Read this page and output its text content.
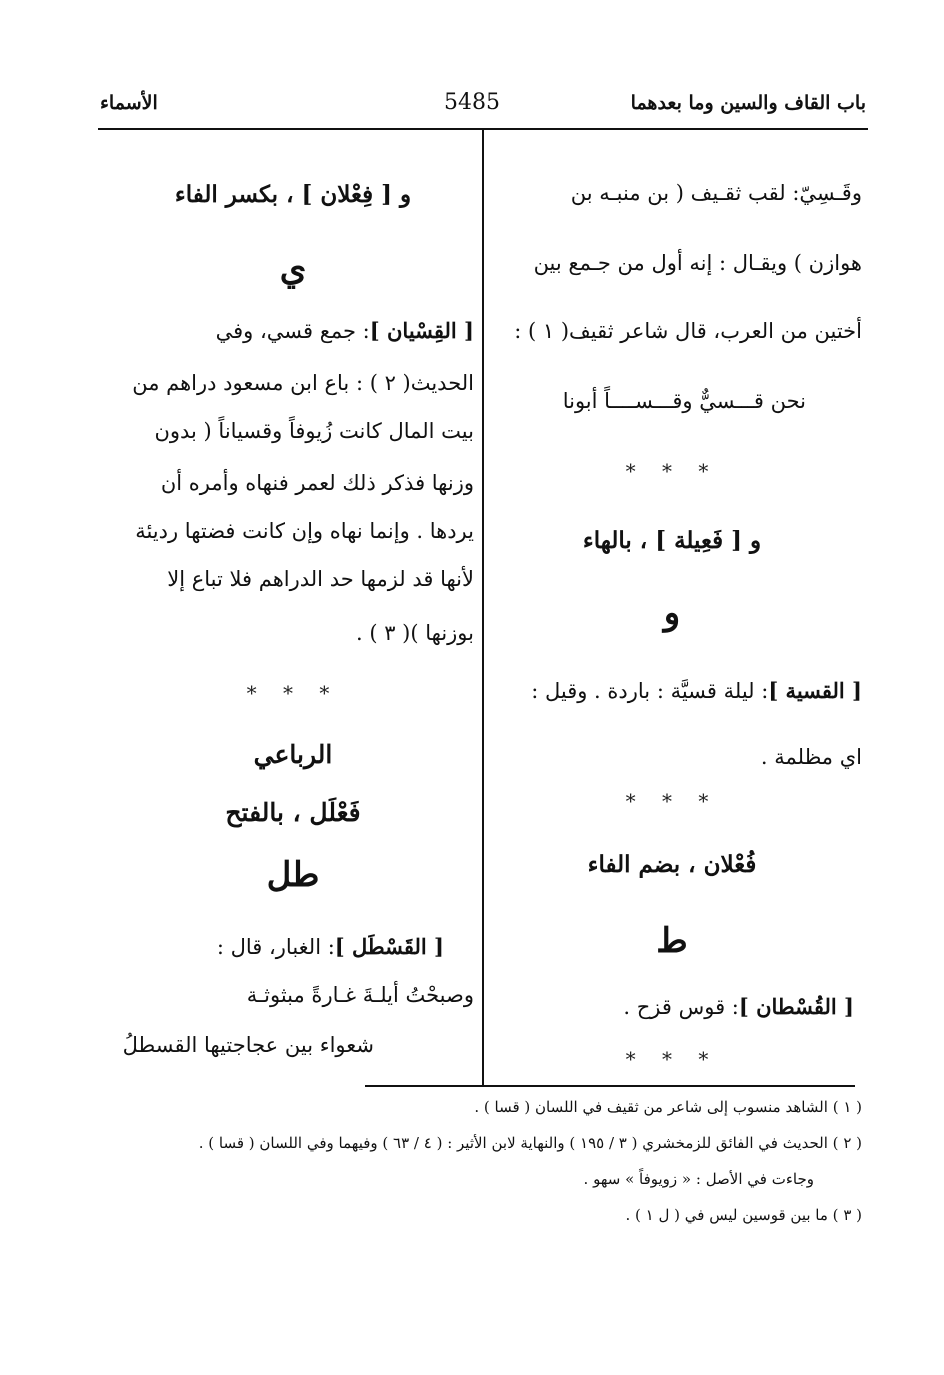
باب القاف والسين وما بعدهما
5485
الأسماء
وقَـسِيّ: لقب ثقـيف ( بن منبـه بن
هوازن ) ويقـال : إنه أول من جـمع بين
أختين من العرب، قال شاعر ثقيف( ١ ) :
نحن قـــسيٌّ وقـــســــاً أبونا
* * *
و [ فَعِيلة ] ، بالهاء
و
[ القسية ]: ليلة قسيَّة : باردة . وقيل :
اي مظلمة .
* * *
فُعْلان ، بضم الفاء
ط
[ القُسْطان ]: قوس قزح .
* * *
و [ فِعْلان ] ، بكسر الفاء
ي
[ القِسْيان ]: جمع قسي، وفي
الحديث( ٢ ) : باع ابن مسعود دراهم من
بيت المال كانت زُيوفاً وقسياناً ( بدون
وزنها فذكر ذلك لعمر فنهاه وأمره أن
يردها . وإنما نهاه وإن كانت فضتها رديئة
لأنها قد لزمها حد الدراهم فلا تباع إلا
بوزنها )( ٣ ) .
* * *
الرباعي
فَعْلَل ، بالفتح
طل
[ القَسْطَل ]: الغبار، قال :
وصبحْتُ أيلـةَ غـارةً مبثوثـة
شعواء بين عجاجتيها القسطلُ
( ١ ) الشاهد منسوب إلى شاعر من ثقيف في اللسان ( قسا ) .
( ٢ ) الحديث في الفائق للزمخشري ( ٣ / ١٩٥ ) والنهاية لابن الأثير : ( ٤ / ٦٣ ) وفيهما وفي اللسان ( قسا ) .
وجاءت في الأصل : « زويوفاً » سهو .
( ٣ ) ما بين قوسين ليس في ( ل ١ ) .
